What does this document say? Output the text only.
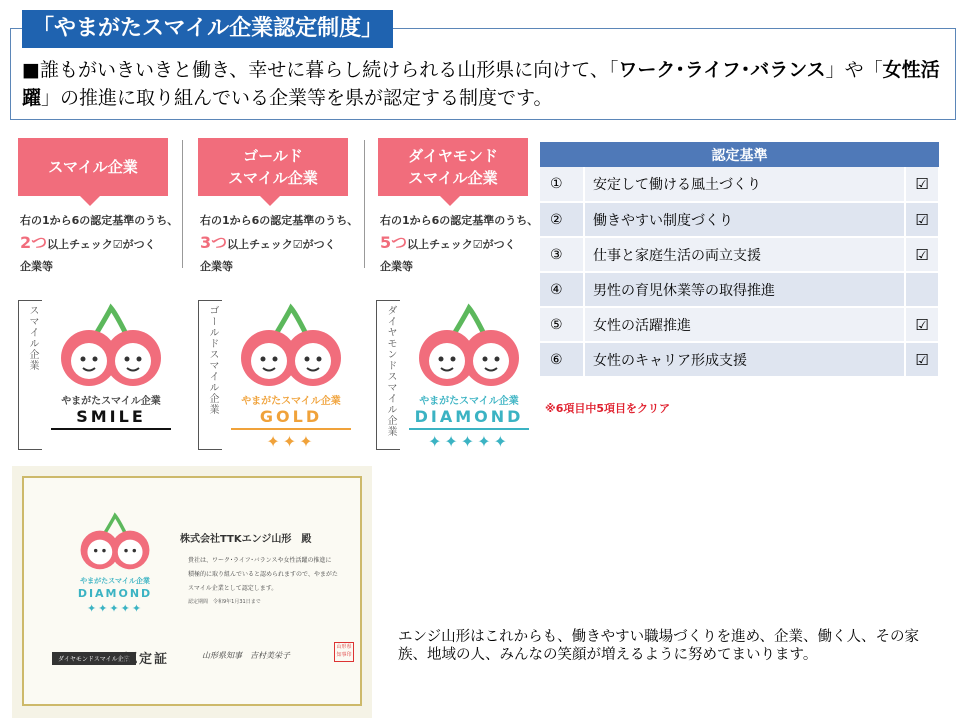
「やまがたスマイル企業認定制度」
■誰もがいきいきと働き、幸せに暮らし続けられる山形県に向けて、「ワーク･ライフ･バランス」や「女性活躍」の推進に取り組んでいる企業等を県が認定する制度です。
スマイル企業
ゴールド
スマイル企業
ダイヤモンド
スマイル企業
右の1から6の認定基準のうち、
2つ以上チェック☑がつく
企業等
右の1から6の認定基準のうち、
3つ以上チェック☑がつく
企業等
右の1から6の認定基準のうち、
5つ以上チェック☑がつく
企業等
スマイル企業
やまがたスマイル企業
SMILE
ゴールドスマイル企業	やまがたスマイル企業
GOLD
✦✦✦
ダイヤモンドスマイル企業	やまがたスマイル企業
DIAMOND
✦✦✦✦✦
認定基準		
①	安定して働ける風土づくり	☑
②	働きやすい制度づくり	☑
③	仕事と家庭生活の両立支援	☑
④	男性の育児休業等の取得推進	
⑤	女性の活躍推進	☑
⑥	女性のキャリア形成支援	☑
※6項目中5項目をクリア
やまがたスマイル企業
DIAMOND
✦✦✦✦✦
株式会社TTKエンジ山形　殿
貴社は、ワーク･ライフ･バランスや女性活躍の推進に
積極的に取り組んでいると認められますので、やまがた
スマイル企業として認定します。
認定期間　令和9年1月31日まで
ダイヤモンドスマイル企業
認定証	山形県知事　吉村美栄子
山形県知事印
エンジ山形はこれからも、働きやすい職場づくりを進め、企業、働く人、その家族、地域の人、みんなの笑顔が増えるように努めてまいります。
